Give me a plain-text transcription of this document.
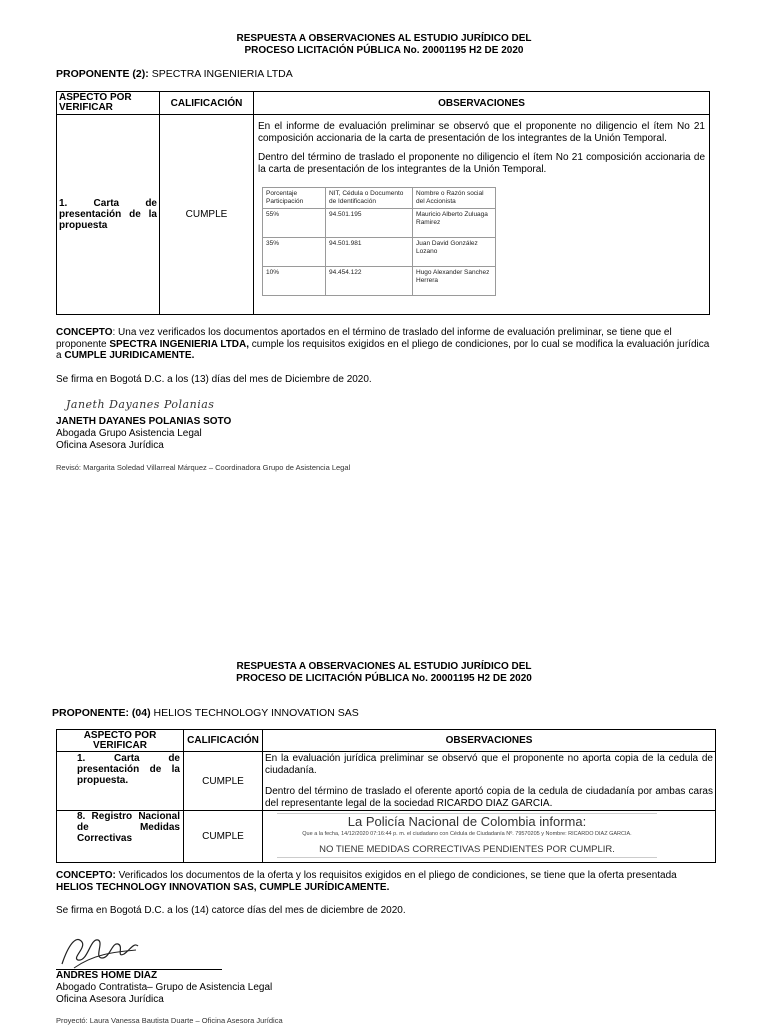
RESPUESTA A OBSERVACIONES AL ESTUDIO JURÍDICO DEL
PROCESO LICITACIÓN PÚBLICA No. 20001195 H2 DE 2020
PROPONENTE (2): SPECTRA INGENIERIA LTDA
ASPECTO POR VERIFICAR	CALIFICACIÓN	OBSERVACIONES
1. Carta de presentación de la propuesta	CUMPLE	

En el informe de evaluación preliminar se observó que el proponente no diligencio el ítem No 21 composición accionaria de la carta de presentación de los integrantes de la Unión Temporal.

Dentro del término de traslado el proponente no diligencio el ítem No 21 composición accionaria de la carta de presentación de los integrantes de la Unión Temporal.

Porcentaje Participación	NIT, Cédula o Documento de Identificación	Nombre o Razón social del Accionista
55%	94.501.195	Mauricio Alberto Zuluaga Ramirez
35%	94.501.981	Juan David González Lozano
10%	94.454.122	Hugo Alexander Sanchez Herrera
CONCEPTO: Una vez verificados los documentos aportados en el término de traslado del informe de evaluación preliminar, se tiene que el proponente SPECTRA INGENIERIA LTDA, cumple los requisitos exigidos en el pliego de condiciones, por lo cual se modifica la evaluación jurídica a CUMPLE JURIDICAMENTE.
Se firma en Bogotá D.C. a los (13) días del mes de Diciembre de 2020.
Janeth Dayanes Polanias
JANETH DAYANES POLANIAS SOTO
Abogada Grupo Asistencia Legal
Oficina Asesora Jurídica
Revisó: Margarita Soledad Villarreal Márquez – Coordinadora Grupo de Asistencia Legal
RESPUESTA A OBSERVACIONES AL ESTUDIO JURÍDICO DEL
PROCESO DE LICITACIÓN PÚBLICA No. 20001195 H2 DE 2020
PROPONENTE: (04) HELIOS TECHNOLOGY INNOVATION SAS
ASPECTO POR VERIFICAR	CALIFICACIÓN	OBSERVACIONES
1. Carta de presentación de la propuesta.	CUMPLE	En la evaluación jurídica preliminar se observó que el proponente no aporta copia de la cedula de ciudadanía.

Dentro del término de traslado el oferente aportó copia de la cedula de ciudadanía por ambas caras del representante legal de la sociedad RICARDO DIAZ GARCIA.

8. Registro Nacional de Medidas Correctivas	CUMPLE	La Policía Nacional de Colombia informa:
Que a la fecha, 14/12/2020 07:16:44 p. m. el ciudadano con Cédula de Ciudadanía Nº. 79570205 y Nombre: RICARDO DIAZ GARCIA.
NO TIENE MEDIDAS CORRECTIVAS PENDIENTES POR CUMPLIR.
CONCEPTO: Verificados los documentos de la oferta y los requisitos exigidos en el pliego de condiciones, se tiene que la oferta presentada HELIOS TECHNOLOGY INNOVATION SAS, CUMPLE JURÍDICAMENTE.
Se firma en Bogotá D.C. a los (14) catorce días del mes de diciembre de 2020.
ANDRES HOME DÍAZ
Abogado Contratista– Grupo de Asistencia Legal
Oficina Asesora Jurídica
Proyectó: Laura Vanessa Bautista Duarte – Oficina Asesora Jurídica
